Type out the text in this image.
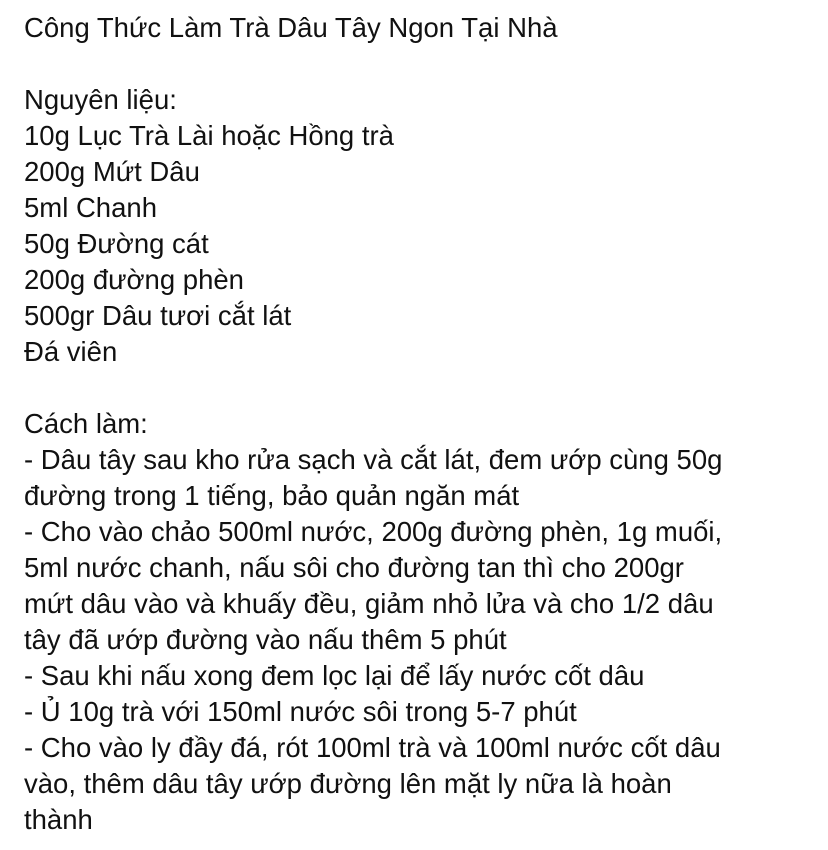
Công Thức Làm Trà Dâu Tây Ngon Tại Nhà
Nguyên liệu:
10g Lục Trà Lài hoặc Hồng trà
200g Mứt Dâu
5ml Chanh
50g Đường cát
200g đường phèn
500gr Dâu tươi cắt lát
Đá viên
Cách làm:
- Dâu tây sau kho rửa sạch và cắt lát, đem ướp cùng 50g
đường trong 1 tiếng, bảo quản ngăn mát
- Cho vào chảo 500ml nước, 200g đường phèn, 1g muối,
5ml nước chanh, nấu sôi cho đường tan thì cho 200gr
mứt dâu vào và khuấy đều, giảm nhỏ lửa và cho 1/2 dâu
tây đã ướp đường vào nấu thêm 5 phút
- Sau khi nấu xong đem lọc lại để lấy nước cốt dâu
- Ủ 10g trà với 150ml nước sôi trong 5-7 phút
- Cho vào ly đầy đá, rót 100ml trà và 100ml nước cốt dâu
vào, thêm dâu tây ướp đường lên mặt ly nữa là hoàn
thành
